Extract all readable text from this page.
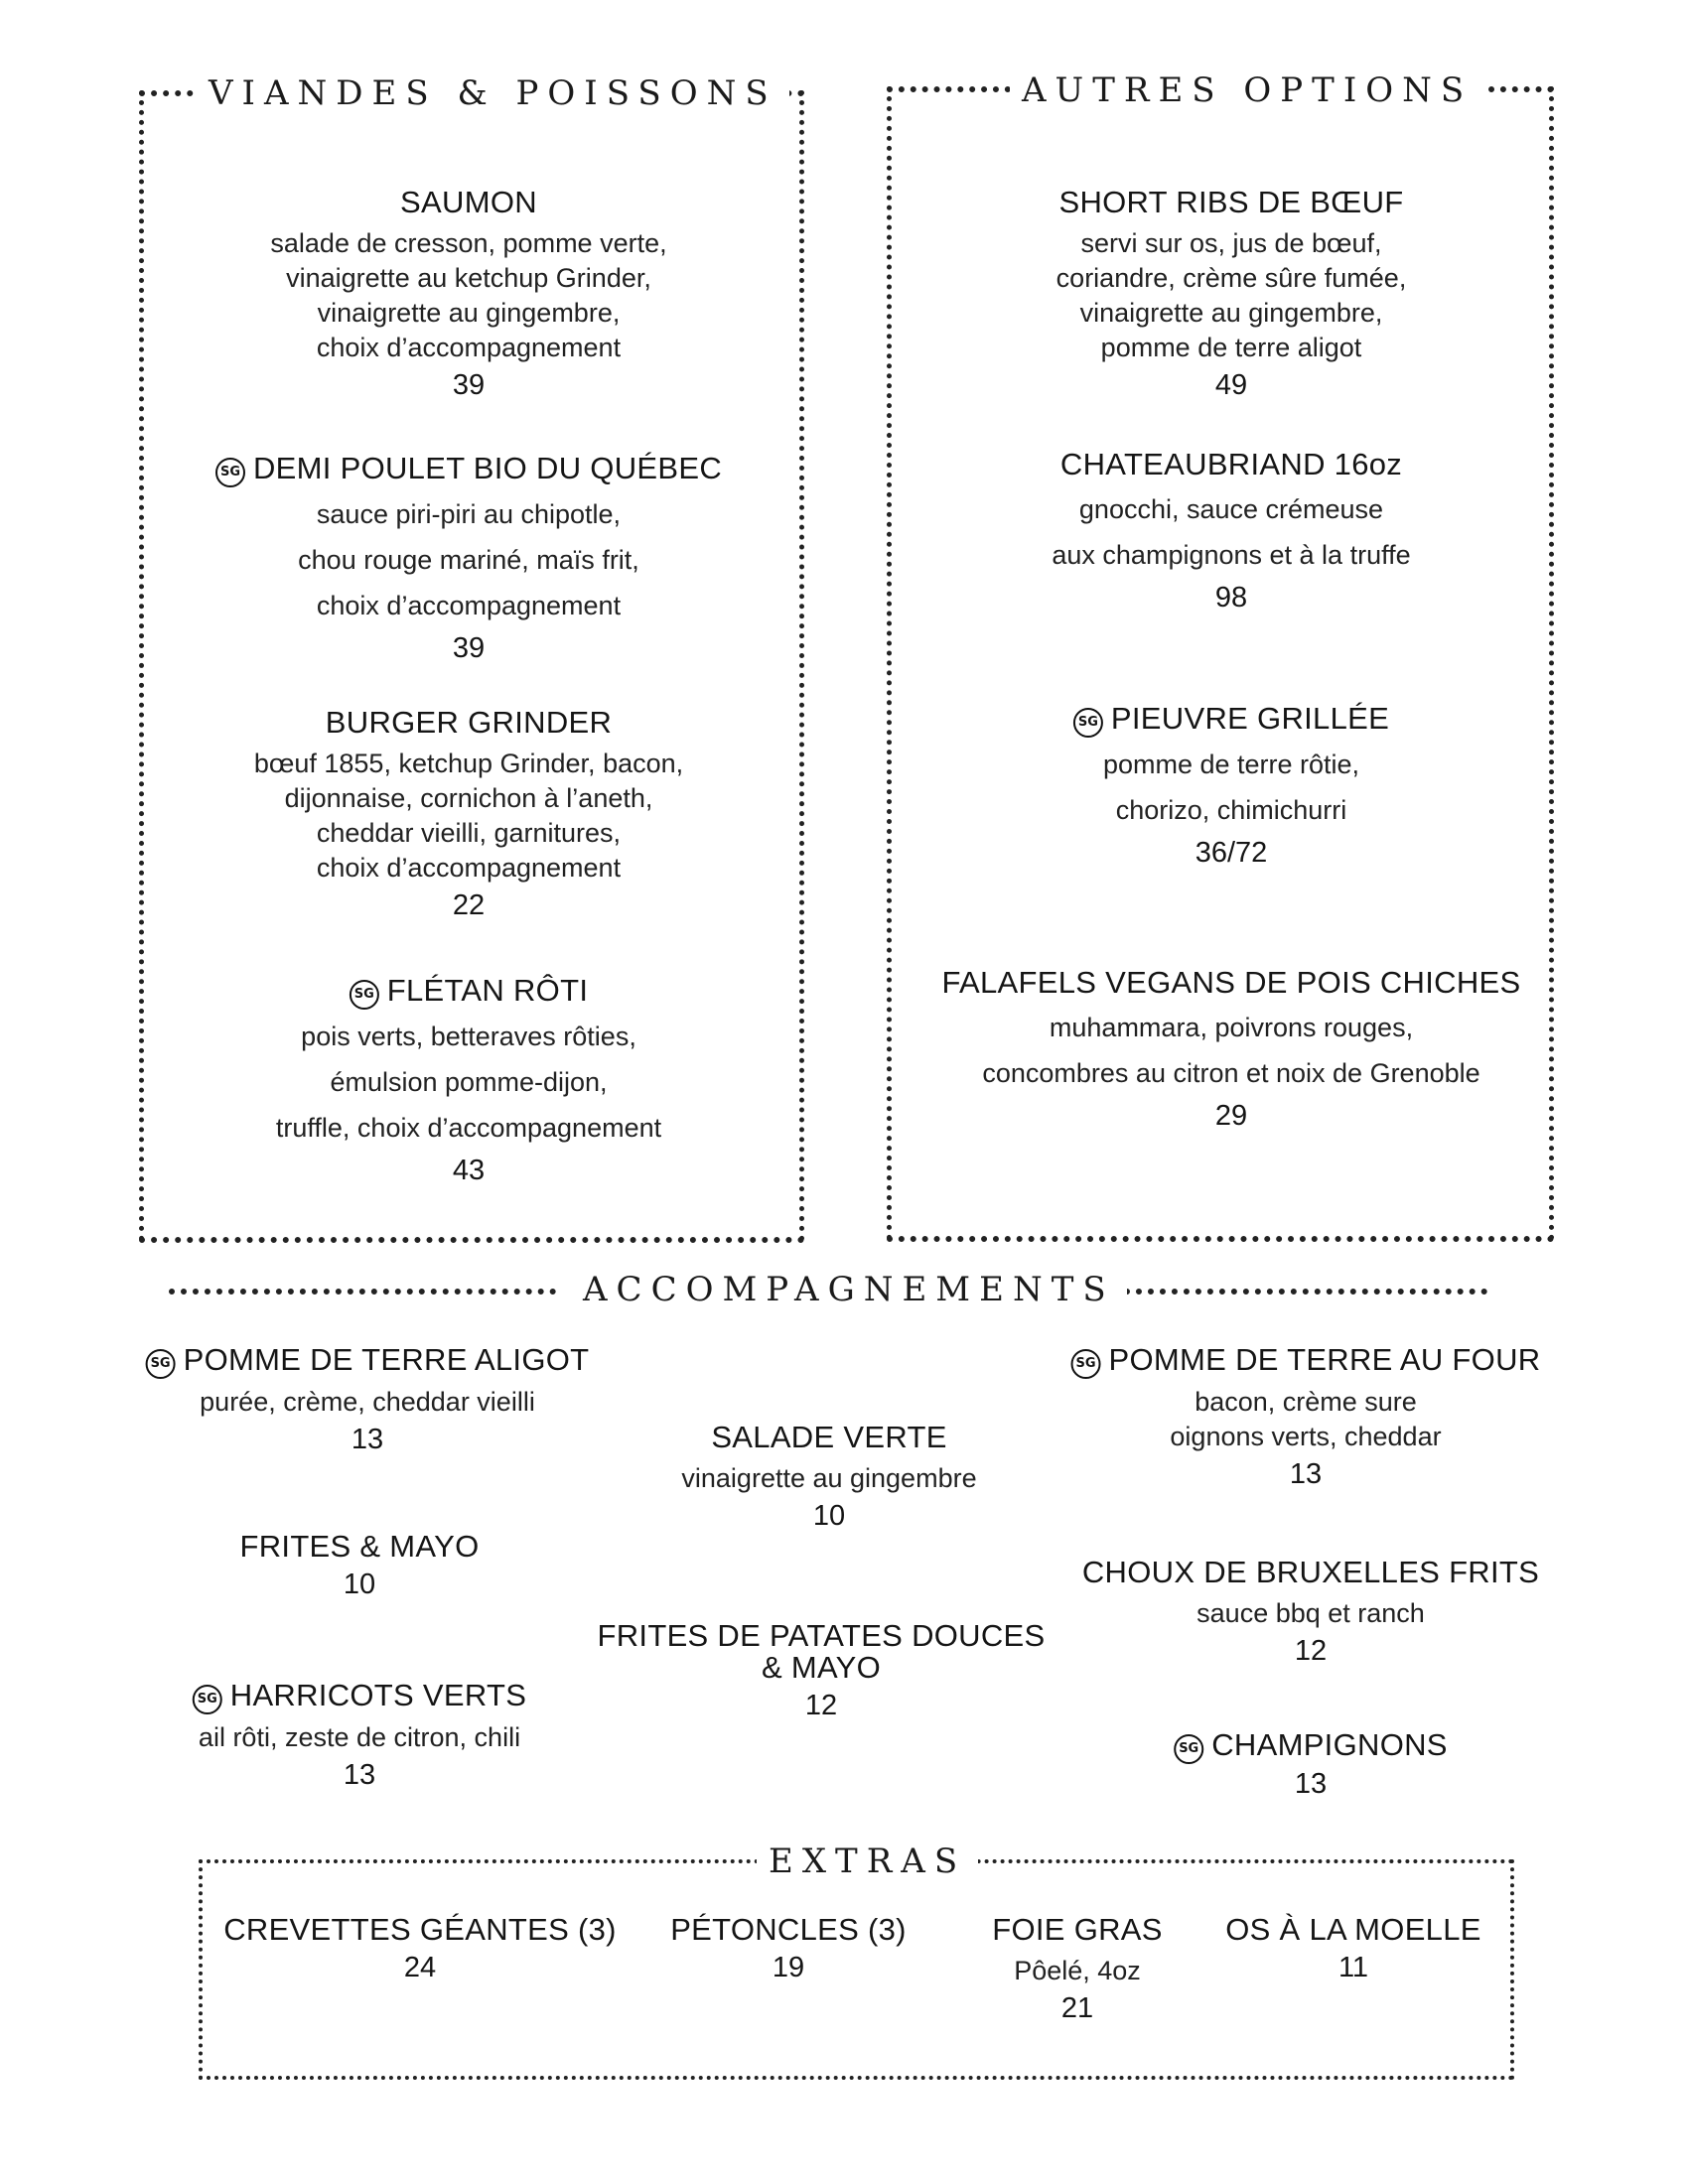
VIANDES & POISSONS	AUTRES OPTIONS
ACCOMPAGNEMENTS
EXTRAS
SAUMON
salade de cresson, pomme verte,
vinaigrette au ketchup Grinder,
vinaigrette au gingembre,
choix d’accompagnement
39
SG DEMI POULET BIO DU QUÉBEC
sauce piri-piri au chipotle,
chou rouge mariné, maïs frit,
choix d’accompagnement
39
BURGER GRINDER
bœuf 1855, ketchup Grinder, bacon,
dijonnaise, cornichon à l’aneth,
cheddar vieilli, garnitures,
choix d’accompagnement
22
SG FLÉTAN RÔTI
pois verts, betteraves rôties,
émulsion pomme-dijon,
truffle, choix d’accompagnement
43
SHORT RIBS DE BŒUF
servi sur os, jus de bœuf,
coriandre, crème sûre fumée,
vinaigrette au gingembre,
pomme de terre aligot
49
CHATEAUBRIAND 16oz
gnocchi, sauce crémeuse
aux champignons et à la truffe
98
SG PIEUVRE GRILLÉE
pomme de terre rôtie,
chorizo, chimichurri
36/72
FALAFELS VEGANS DE POIS CHICHES
muhammara, poivrons rouges,
concombres au citron et noix de Grenoble
29
SG POMME DE TERRE ALIGOT
purée, crème, cheddar vieilli
13
FRITES & MAYO
10
SG HARRICOTS VERTS
ail rôti, zeste de citron, chili
13
SALADE VERTE
vinaigrette au gingembre
10
FRITES DE PATATES DOUCES
& MAYO
12
SG POMME DE TERRE AU FOUR
bacon, crème sure
oignons verts, cheddar
13
CHOUX DE BRUXELLES FRITS
sauce bbq et ranch
12
SG CHAMPIGNONS
13
CREVETTES GÉANTES (3)
24
PÉTONCLES (3)
19
FOIE GRAS
Pôelé, 4oz
21
OS À LA MOELLE
11
